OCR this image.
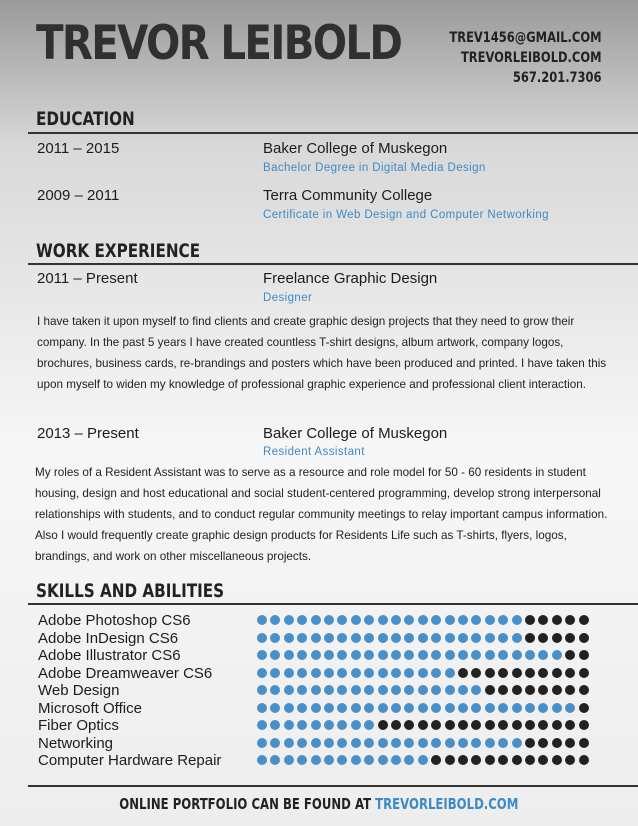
TREVOR LEIBOLD	TREV1456@GMAIL.COM
TREVORLEIBOLD.COM
567.201.7306
EDUCATION
2011 – 2015	Baker College of Muskegon
Bachelor Degree in Digital Media Design
2009 – 2011	Terra Community College
Certificate in Web Design and Computer Networking
WORK EXPERIENCE
2011 – Present	Freelance Graphic Design
Designer

I have taken it upon myself to find clients and create graphic design projects that they need to grow their company. In the past 5 years I have created countless T-shirt designs, album artwork, company logos, brochures, business cards, re-brandings and posters which have been produced and printed. I have taken this upon myself to widen my knowledge of professional graphic experience and professional client interaction.

2013 – Present	Baker College of Muskegon
Resident Assistant

My roles of a Resident Assistant was to serve as a resource and role model for 50 - 60 residents in student housing, design and host educational and social student-centered programming, develop strong interpersonal relationships with students, and to conduct regular community meetings to relay important campus information. Also I would frequently create graphic design products for Residents Life such as T-shirts, flyers, logos, brandings, and work on other miscellaneous projects.

SKILLS AND ABILITIES
Adobe Photoshop CS6
Adobe InDesign CS6
Adobe Illustrator CS6
Adobe Dreamweaver CS6
Web Design
Microsoft Office
Fiber Optics
Networking
Computer Hardware Repair
ONLINE PORTFOLIO CAN BE FOUND AT TREVORLEIBOLD.COM
